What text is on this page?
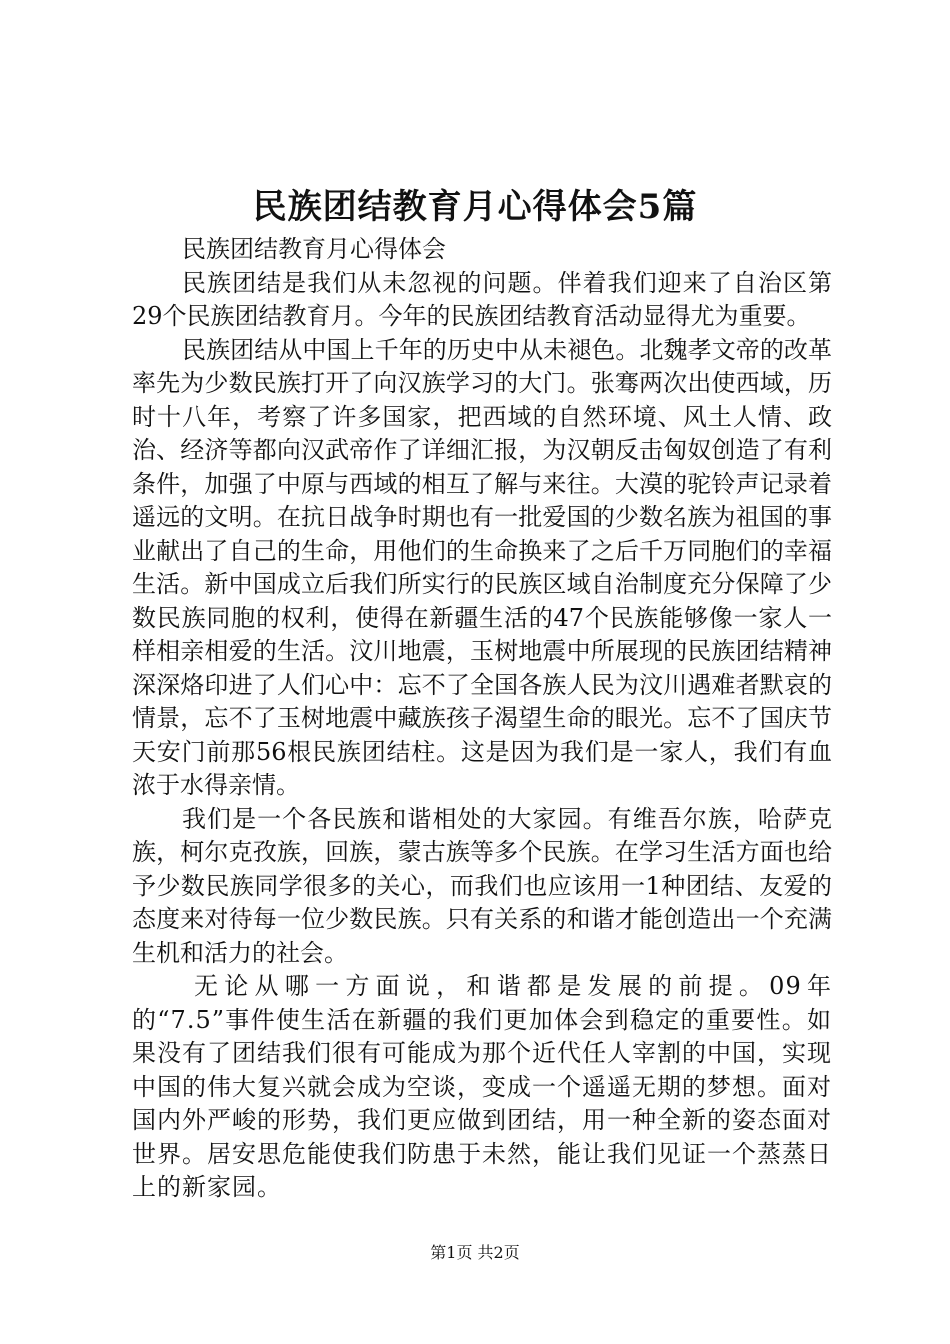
民族团结教育月心得体会5篇

民族团结教育月心得体会

民族团结是我们从未忽视的问题。伴着我们迎来了自治区第29个民族团结教育月。今年的民族团结教育活动显得尤为重要。

民族团结从中国上千年的历史中从未褪色。北魏孝文帝的改革率先为少数民族打开了向汉族学习的大门。张骞两次出使西域，历时十八年，考察了许多国家，把西域的自然环境、风土人情、政治、经济等都向汉武帝作了详细汇报，为汉朝反击匈奴创造了有利条件，加强了中原与西域的相互了解与来往。大漠的驼铃声记录着遥远的文明。在抗日战争时期也有一批爱国的少数名族为祖国的事业献出了自己的生命，用他们的生命换来了之后千万同胞们的幸福生活。新中国成立后我们所实行的民族区域自治制度充分保障了少数民族同胞的权利，使得在新疆生活的47个民族能够像一家人一样相亲相爱的生活。汶川地震，玉树地震中所展现的民族团结精神深深烙印进了人们心中：忘不了全国各族人民为汶川遇难者默哀的情景，忘不了玉树地震中藏族孩子渴望生命的眼光。忘不了国庆节天安门前那56根民族团结柱。这是因为我们是一家人，我们有血浓于水得亲情。

我们是一个各民族和谐相处的大家园。有维吾尔族，哈萨克族，柯尔克孜族，回族，蒙古族等多个民族。在学习生活方面也给予少数民族同学很多的关心，而我们也应该用一1种团结、友爱的态度来对待每一位少数民族。只有关系的和谐才能创造出一个充满生机和活力的社会。

无论从哪一方面说，和谐都是发展的前提。09年的“7.5”事件使生活在新疆的我们更加体会到稳定的重要性。如果没有了团结我们很有可能成为那个近代任人宰割的中国，实现中国的伟大复兴就会成为空谈，变成一个遥遥无期的梦想。面对国内外严峻的形势，我们更应做到团结，用一种全新的姿态面对世界。居安思危能使我们防患于未然，能让我们见证一个蒸蒸日上的新家园。

第1页 共2页
